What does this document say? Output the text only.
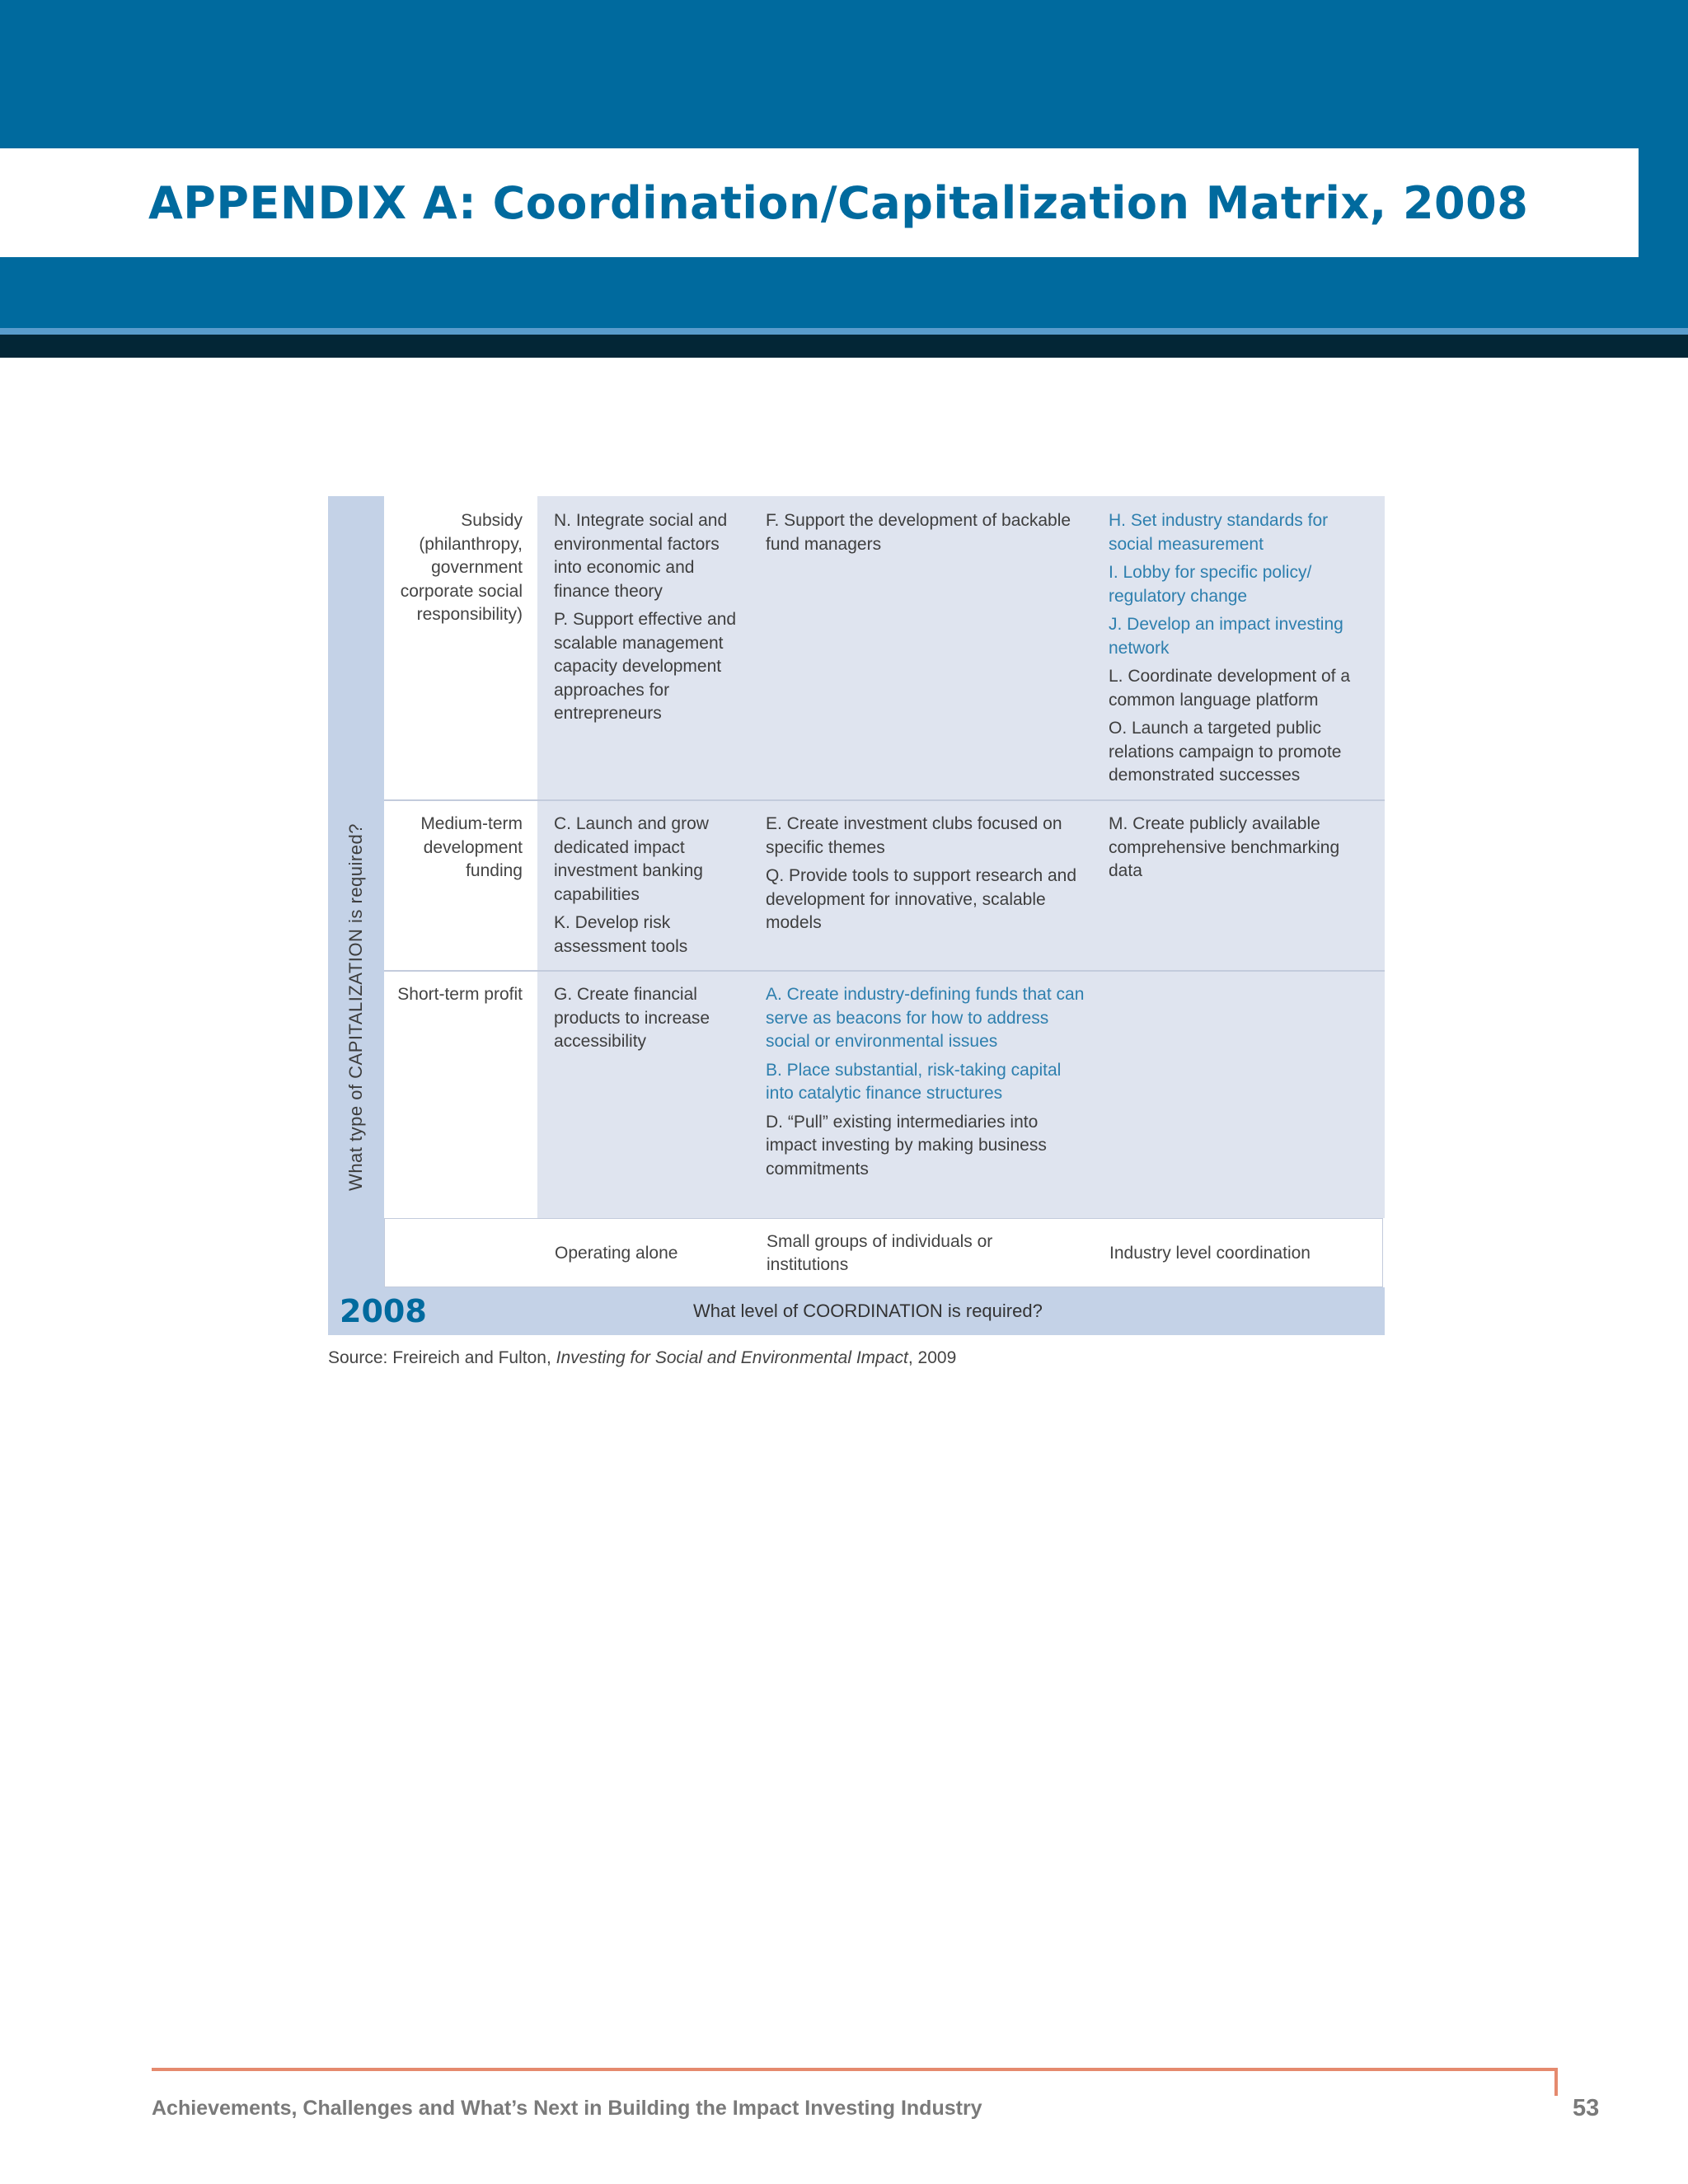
APPENDIX A: Coordination/Capitalization Matrix, 2008
What type of CAPITALIZATION is required?
Subsidy (philanthropy, government corporate social responsibility)
Medium-term development funding
Short-term profit

N. Integrate social and environmental factors into economic and finance theory

P. Support effective and scalable management capacity development approaches for entrepreneurs

F. Support the development of backable fund managers

H. Set industry standards for social measurement

I. Lobby for specific policy/ regulatory change

J. Develop an impact investing network

L. Coordinate development of a common language platform

O. Launch a targeted public relations campaign to promote demonstrated successes

C. Launch and grow dedicated impact investment banking capabilities

K. Develop risk assessment tools

E. Create investment clubs focused on specific themes

Q. Provide tools to support research and development for innovative, scalable models

M. Create publicly available comprehensive benchmarking data

G. Create financial products to increase accessibility

A. Create industry-defining funds that can serve as beacons for how to address social or environmental issues

B. Place substantial, risk-taking capital into catalytic finance structures

D. “Pull” existing intermediaries into impact investing by making business commitments

Operating alone
Small groups of individuals or institutions
Industry level coordination
2008	What level of COORDINATION is required?
Source: Freireich and Fulton, Investing for Social and Environmental Impact, 2009
Achievements, Challenges and What’s Next in Building the Impact Investing Industry	53
